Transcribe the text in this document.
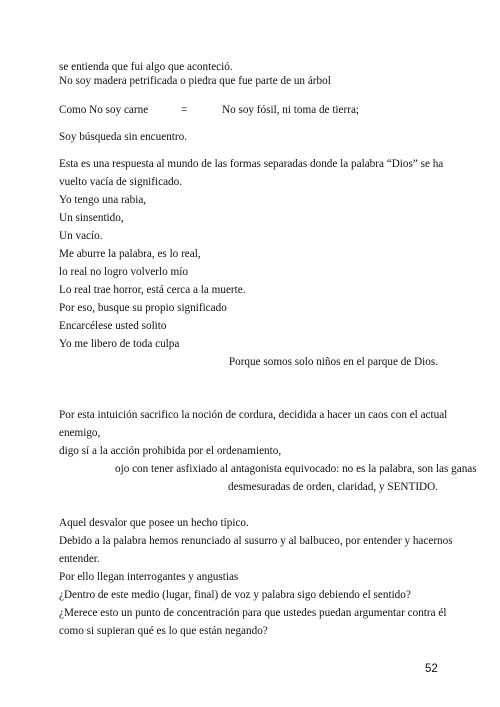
se entienda que fui algo que aconteció.
No soy madera petrificada o piedra que fue parte de un árbol
Como No soy carne	=	No soy fósil, ni toma de tierra;
Soy búsqueda sin encuentro.
Esta es una respuesta al mundo de las formas separadas donde la palabra “Dios” se ha
vuelto vacía de significado.
Yo tengo una rabia,
Un sinsentido,
Un vacío.
Me aburre la palabra, es lo real,
lo real no logro volverlo mío
Lo real trae horror, está cerca a la muerte.
Por eso, busque su propio significado
Encarcélese usted solito
Yo me libero de toda culpa
Porque somos solo niños en el parque de Dios.
Por esta intuición sacrifico la noción de cordura, decidida a hacer un caos con el actual
enemigo,
digo sí a la acción prohibida por el ordenamiento,
ojo con tener asfixiado al antagonista equivocado: no es la palabra, son las ganas
desmesuradas de orden, claridad, y SENTIDO.
Aquel desvalor que posee un hecho típico.
Debido a la palabra hemos renunciado al susurro y al balbuceo, por entender y hacernos
entender.
Por ello llegan interrogantes y angustias
¿Dentro de este medio (lugar, final) de voz y palabra sigo debiendo el sentido?
¿Merece esto un punto de concentración para que ustedes puedan argumentar contra él
como si supieran qué es lo que están negando?
52
